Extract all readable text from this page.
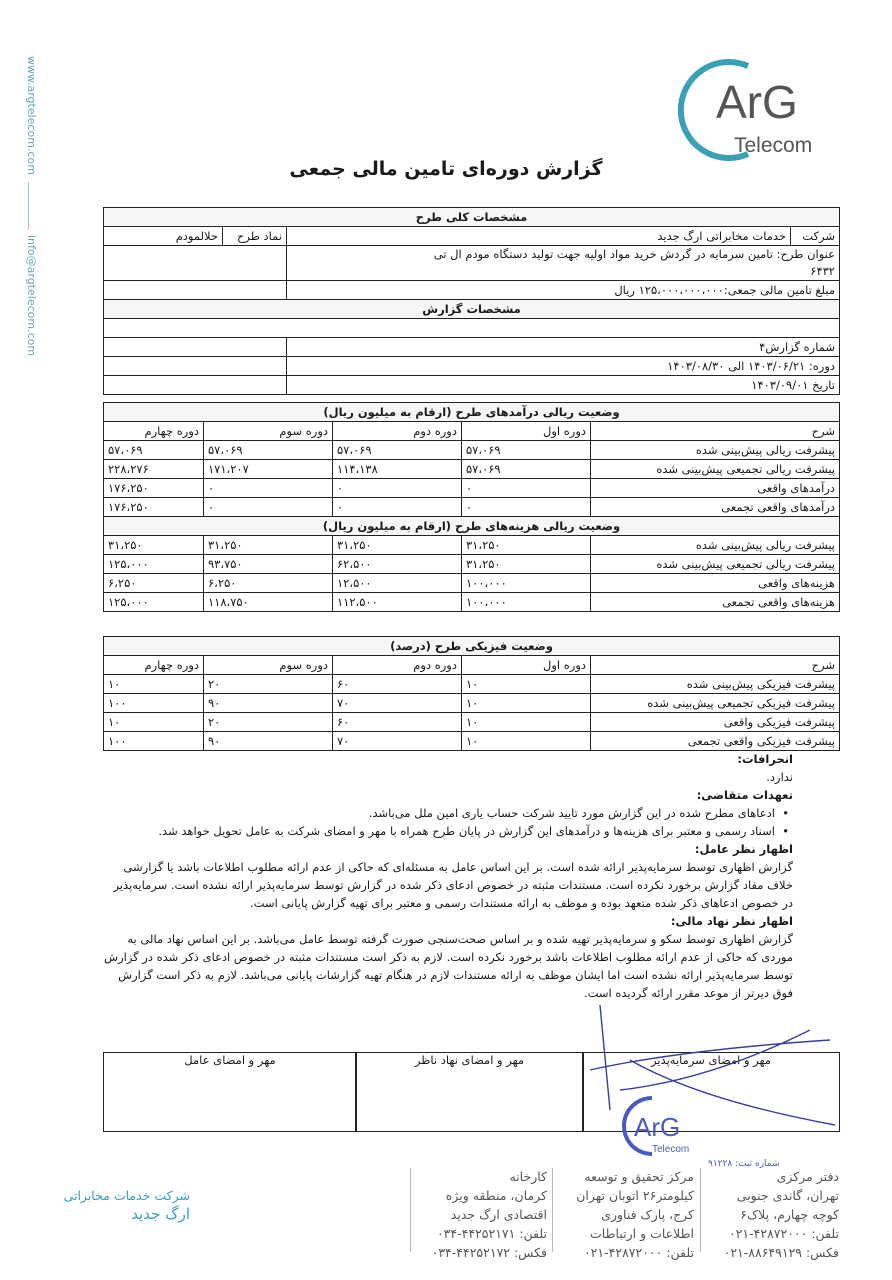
www.argtelecom.com
info@argtelecom.com
ArG
Telecom
گزارش دوره‌ای تامین مالی جمعی
مشخصات کلی طرح			
شرکت	خدمات مخابراتی ارگ جدید	نماد طرح	حلالمودم

عنوان طرح: تامین سرمایه در گردش خرید مواد اولیه جهت تولید دستگاه مودم ال تی
۶۴۳۲			

مبلغ تامین مالی جمعی:۱۲۵،۰۰۰،۰۰۰،۰۰۰ ریال			
مشخصات گزارش			

شماره گزارش۴			
دوره: ۱۴۰۳/۰۶/۲۱ الی ۱۴۰۳/۰۸/۳۰			
تاریخ ۱۴۰۳/۰۹/۰۱			
وضعیت ریالی درآمدهای طرح (ارقام به میلیون ریال)				
شرح	دوره اول	دوره دوم	دوره سوم	دوره چهارم
پیشرفت ریالی پیش‌بینی شده	۵۷،۰۶۹	۵۷،۰۶۹	۵۷،۰۶۹	۵۷،۰۶۹
پیشرفت ریالی تجمیعی پیش‌بینی شده	۵۷،۰۶۹	۱۱۴،۱۳۸	۱۷۱،۲۰۷	۲۲۸،۲۷۶
درآمدهای واقعی	۰	۰	۰	۱۷۶،۲۵۰
درآمدهای واقعی تجمعی	۰	۰	۰	۱۷۶،۲۵۰
وضعیت ریالی هزینه‌های طرح (ارقام به میلیون ریال)				
پیشرفت ریالی پیش‌بینی شده	۳۱،۲۵۰	۳۱،۲۵۰	۳۱،۲۵۰	۳۱،۲۵۰
پیشرفت ریالی تجمیعی پیش‌بینی شده	۳۱،۲۵۰	۶۲،۵۰۰	۹۳،۷۵۰	۱۲۵،۰۰۰
هزینه‌های واقعی	۱۰۰،۰۰۰	۱۲،۵۰۰	۶،۲۵۰	۶،۲۵۰
هزینه‌های واقعی تجمعی	۱۰۰،۰۰۰	۱۱۲،۵۰۰	۱۱۸،۷۵۰	۱۲۵،۰۰۰
وضعیت فیزیکی طرح (درصد)				
شرح	دوره اول	دوره دوم	دوره سوم	دوره چهارم
پیشرفت فیزیکی پیش‌بینی شده	۱۰	۶۰	۲۰	۱۰
پیشرفت فیزیکی تجمیعی پیش‌بینی شده	۱۰	۷۰	۹۰	۱۰۰
پیشرفت فیزیکی واقعی	۱۰	۶۰	۲۰	۱۰
پیشرفت فیزیکی واقعی تجمعی	۱۰	۷۰	۹۰	۱۰۰
انحرافات:
ندارد.
تعهدات متقاضی:
• ادعاهای مطرح شده در این گزارش مورد تایید شرکت حساب یاری امین ملل می‌باشد.
• اسناد رسمی و معتبر برای هزینه‌ها و درآمدهای این گزارش در پایان طرح همراه با مهر و امضای شرکت به عامل تحویل خواهد شد.
اظهار نظر عامل:
گزارش اظهاری توسط سرمایه‌پذیر ارائه شده است. بر این اساس عامل به مسئله‌ای که حاکی از عدم ارائه مطلوب اطلاعات باشد یا گزارشی خلاف مفاد گزارش برخورد نکرده است. مستندات مثبته در خصوص ادعای ذکر شده در گزارش توسط سرمایه‌پذیر ارائه نشده است. سرمایه‌پذیر در خصوص ادعاهای ذکر شده متعهد بوده و موظف به ارائه مستندات رسمی و معتبر برای تهیه گزارش پایانی است.
اظهار نظر نهاد مالی:
گزارش اظهاری توسط سکو و سرمایه‌پذیر تهیه شده و بر اساس صحت‌سنجی صورت گرفته توسط عامل می‌باشد. بر این اساس نهاد مالی به موردی که حاکی از عدم ارائه مطلوب اطلاعات باشد برخورد نکرده است. لازم به ذکر است مستندات مثبته در خصوص ادعای ذکر شده در گزارش توسط سرمایه‌پذیر ارائه نشده است اما ایشان موظف به ارائه مستندات لازم در هنگام تهیه گزارشات پایانی می‌باشد. لازم به ذکر است گزارش فوق دیرتر از موعد مقرر ارائه گردیده است.
مهر و امضای سرمایه‌پذیر
مهر و امضای نهاد ناظر
مهر و امضای عامل
ArG
Telecom
شماره ثبت: ۹۱۲۲۸
شرکت خدمات مخابراتی
ارگ جدید
کارخانه
کرمان، منطقه ویژه
اقتصادی ارگ جدید
تلفن: ۴۴۲۵۲۱۷۱-۰۳۴
فکس: ۴۴۲۵۲۱۷۲-۰۳۴
مرکز تحقیق و توسعه
کیلومتر۲۶ اتوبان تهران
کرج، پارک فناوری
اطلاعات و ارتباطات
تلفن: ۴۲۸۷۲۰۰۰-۰۲۱
دفتر مرکزی
تهران، گاندی جنوبی
کوچه چهارم، پلاک۶
تلفن: ۴۲۸۷۲۰۰۰-۰۲۱
فکس: ۸۸۶۴۹۱۲۹-۰۲۱
